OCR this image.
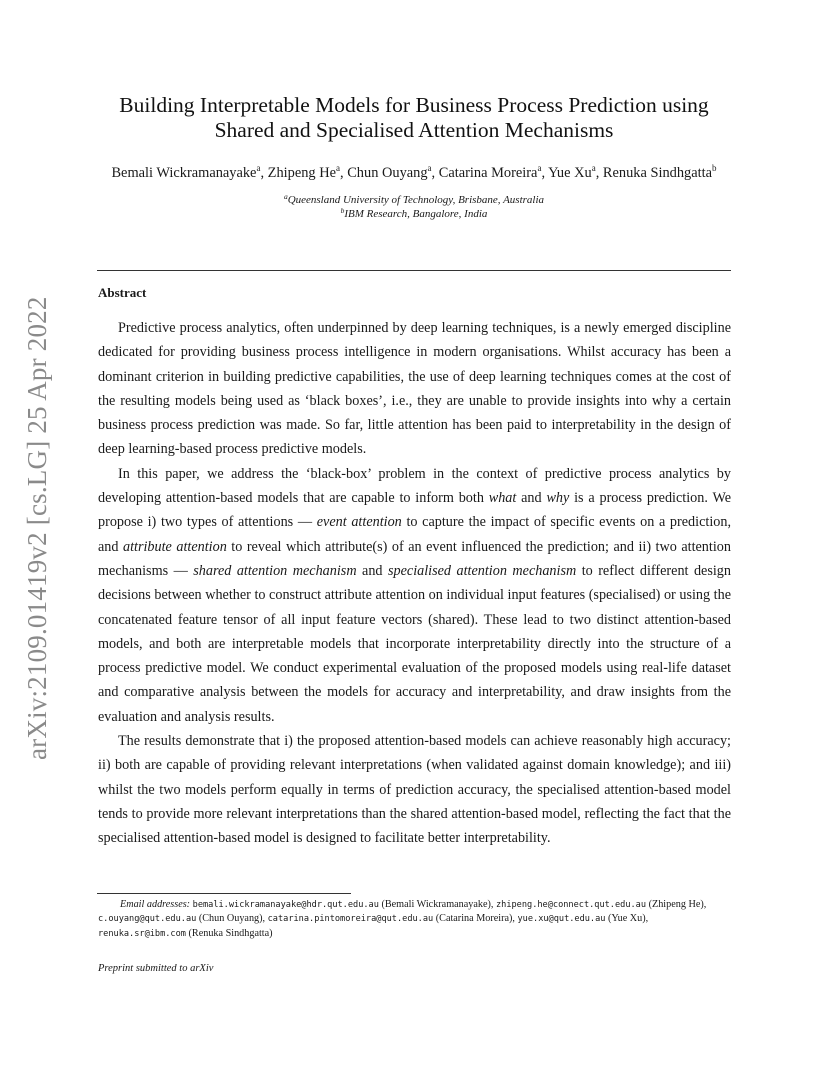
arXiv:2109.01419v2 [cs.LG] 25 Apr 2022
Building Interpretable Models for Business Process Prediction using
Shared and Specialised Attention Mechanisms
Bemali Wickramanayake$^a$, Zhipeng He$^a$, Chun Ouyang$^a$, Catarina Moreira$^a$, Yue Xu$^a$, Renuka Sindhgatta$^b$
$^a$Queensland University of Technology, Brisbane, Australia
$^b$IBM Research, Bangalore, India
Abstract

Predictive process analytics, often underpinned by deep learning techniques, is a newly emerged discipline dedicated for providing business process intelligence in modern organisations. Whilst accuracy has been a dominant criterion in building predictive capabilities, the use of deep learning techniques comes at the cost of the resulting models being used as ‘black boxes’, i.e., they are unable to provide insights into why a certain business process prediction was made. So far, little attention has been paid to interpretability in the design of deep learning-based process predictive models.

In this paper, we address the ‘black-box’ problem in the context of predictive process analytics by developing attention-based models that are capable to inform both what and why is a process prediction. We propose i) two types of attentions — event attention to capture the impact of specific events on a prediction, and attribute attention to reveal which attribute(s) of an event influenced the prediction; and ii) two attention mechanisms — shared attention mechanism and specialised attention mechanism to reflect different design decisions between whether to construct attribute attention on individual input features (specialised) or using the concatenated feature tensor of all input feature vectors (shared). These lead to two distinct attention-based models, and both are interpretable models that incorporate interpretability directly into the structure of a process predictive model. We conduct experimental evaluation of the proposed models using real-life dataset and comparative analysis between the models for accuracy and interpretability, and draw insights from the evaluation and analysis results.

The results demonstrate that i) the proposed attention-based models can achieve reasonably high accuracy; ii) both are capable of providing relevant interpretations (when validated against domain knowledge); and iii) whilst the two models perform equally in terms of prediction accuracy, the specialised attention-based model tends to provide more relevant interpretations than the shared attention-based model, reflecting the fact that the specialised attention-based model is designed to facilitate better interpretability.

Email addresses: bemali.wickramanayake@hdr.qut.edu.au (Bemali Wickramanayake), zhipeng.he@connect.qut.edu.au (Zhipeng He), c.ouyang@qut.edu.au (Chun Ouyang), catarina.pintomoreira@qut.edu.au (Catarina Moreira), yue.xu@qut.edu.au (Yue Xu), renuka.sr@ibm.com (Renuka Sindhgatta)
Preprint submitted to arXiv
